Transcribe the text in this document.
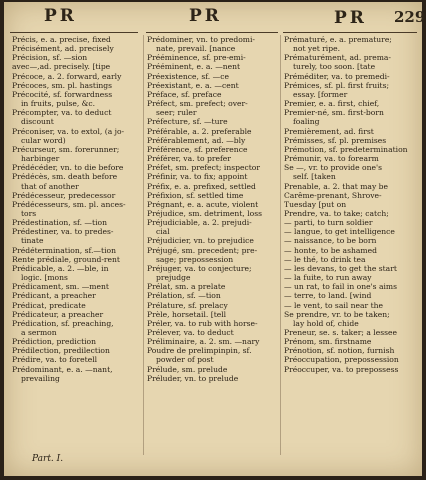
PR	PR	PR 229
Précis, e. a. precise, fixed
Précisément, ad. precisely
Précision, sf. —sion
avec—,ad. precisely. [tipe
Précoce, a. 2. forward, early
Précoces, sm. pl. hastings
Précocité, sf. forwardness
in fruits, pulse, &c.
Précompter, va. to deduct
discount
Préconiser, va. to extol, (a jo-
cular word)
Précurseur, sm. forerunner;
harbinger
Prédécéder, vn. to die before
Prédécès, sm. death before
that of another
Prédécesseur, predecessor
Prédécesseurs, sm. pl. ances-
tors
Prédestination, sf. —tion
Prédestiner, va. to predes-
tinate
Prédétermination, sf.—tion
Rente prédiale, ground-rent
Prédicable, a. 2. —ble, in
logic. [mons
Prédicament, sm. —ment
Prédicant, a preacher
Prédicat, predicate
Prédicateur, a preacher
Prédication, sf. preaching,
a sermon
Prédiction, prediction
Prédilection, predilection
Prédire, va. to foretell
Prédominant, e. a. —nant,
prevailing
Prédominer, vn. to predomi-
nate, prevail. [nance
Prééminence, sf. pre-emi-
Prééminent, e. a. —nent
Préexistence, sf. —ce
Préexistant, e. a. —cent
Préface, sf. preface
Préfect, sm. prefect; over-
seer; ruler
Préfecture, sf. —ture
Préférable, a. 2. preferable
Préférablement, ad. —bly
Préférence, sf. preference
Préférer, va. to prefer
Préfet, sm. prefect; inspector
Préfinir, va. to fix; appoint
Préfix, e. a. prefixed, settled
Préfixion, sf. settled time
Prégnant, e. a. acute, violent
Préjudice, sm. detriment, loss
Préjudiciable, a. 2. prejudi-
cial
Préjudicier, vn. to prejudice
Préjugé, sm. precedent; pre-
sage; prepossession
Préjuger, va. to conjecture;
prejudge
Prélat, sm. a prelate
Prélation, sf. —tion
Prélature, sf. prelacy
Prèle, horsetail. [tell
Préler, va. to rub with horse-
Prélever, va. to deduct
Préliminaire, a. 2. sm. —nary
Poudre de prelimpinpin, sf.
powder of post
Prélude, sm. prelude
Préluder, vn. to prelude
Prématuré, e. a. premature;
not yet ripe.
Prématurément, ad. prema-
turely, too soon. [tate
Préméditer, va. to premedi-
Prémices, sf. pl. first fruits;
essay. [former
Premier, e. a. first, chief,
Premier-né, sm. first-born
foaling
Premièrement, ad. first
Prémisses, sf. pl. premises
Prémotion, sf. predetermination
Prémunir, va. to forearm
Se —, vr. to provide one's
self. [taken
Prenable, a. 2. that may be
Carême-prenant, Shrove-
Tuesday [put on
Prendre, va. to take; catch;
— parti, to turn soldier
— langue, to get intelligence
— naissance, to be born
— honte, to be ashamed
— le thé, to drink tea
— les devans, to get the start
— la fuite, to run away
— un rat, to fail in one's aims
— terre, to land. [wind
— le vent, to sail near the
Se prendre, vr. to be taken;
lay hold of, chide
Preneur, se. s. taker; a lessee
Prénom, sm. firstname
Prénotion, sf. notion, furnish
Préoccupation, prepossession
Préoccuper, va. to prepossess
Part. I.
